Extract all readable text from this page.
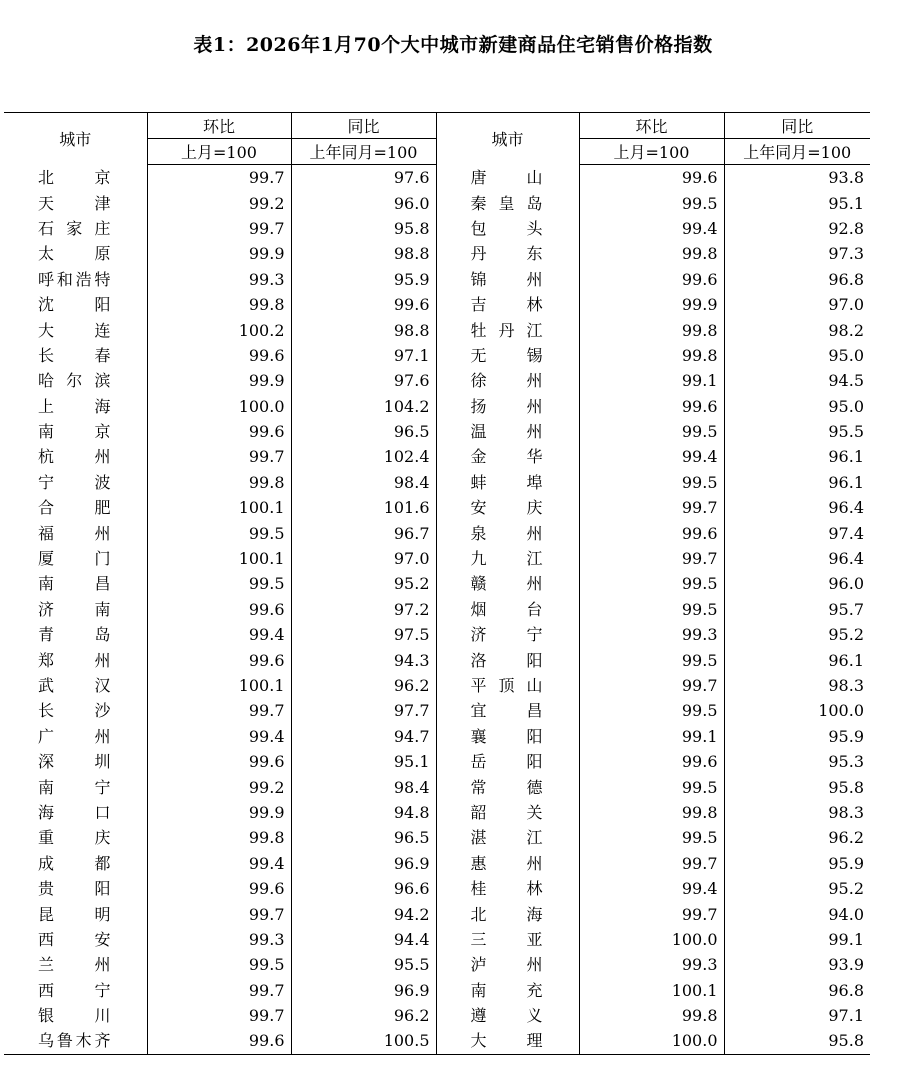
表1：2026年1月70个大中城市新建商品住宅销售价格指数
城市	环比	同比	城市	环比	同比
	上月=100	上年同月=100		上月=100	上年同月=100
北 京	99.7	97.6	唐 山	99.6	93.8
天 津	99.2	96.0	秦 皇 岛	99.5	95.1
石 家 庄	99.7	95.8	包 头	99.4	92.8
太 原	99.9	98.8	丹 东	99.8	97.3
呼和浩特	99.3	95.9	锦 州	99.6	96.8
沈 阳	99.8	99.6	吉 林	99.9	97.0
大 连	100.2	98.8	牡 丹 江	99.8	98.2
长 春	99.6	97.1	无 锡	99.8	95.0
哈 尔 滨	99.9	97.6	徐 州	99.1	94.5
上 海	100.0	104.2	扬 州	99.6	95.0
南 京	99.6	96.5	温 州	99.5	95.5
杭 州	99.7	102.4	金 华	99.4	96.1
宁 波	99.8	98.4	蚌 埠	99.5	96.1
合 肥	100.1	101.6	安 庆	99.7	96.4
福 州	99.5	96.7	泉 州	99.6	97.4
厦 门	100.1	97.0	九 江	99.7	96.4
南 昌	99.5	95.2	赣 州	99.5	96.0
济 南	99.6	97.2	烟 台	99.5	95.7
青 岛	99.4	97.5	济 宁	99.3	95.2
郑 州	99.6	94.3	洛 阳	99.5	96.1
武 汉	100.1	96.2	平 顶 山	99.7	98.3
长 沙	99.7	97.7	宜 昌	99.5	100.0
广 州	99.4	94.7	襄 阳	99.1	95.9
深 圳	99.6	95.1	岳 阳	99.6	95.3
南 宁	99.2	98.4	常 德	99.5	95.8
海 口	99.9	94.8	韶 关	99.8	98.3
重 庆	99.8	96.5	湛 江	99.5	96.2
成 都	99.4	96.9	惠 州	99.7	95.9
贵 阳	99.6	96.6	桂 林	99.4	95.2
昆 明	99.7	94.2	北 海	99.7	94.0
西 安	99.3	94.4	三 亚	100.0	99.1
兰 州	99.5	95.5	泸 州	99.3	93.9
西 宁	99.7	96.9	南 充	100.1	96.8
银 川	99.7	96.2	遵 义	99.8	97.1
乌鲁木齐	99.6	100.5	大 理	100.0	95.8
